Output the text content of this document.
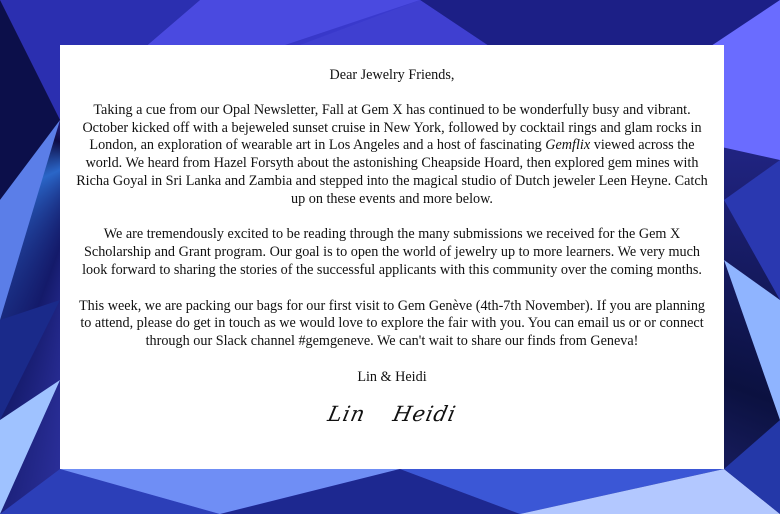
Dear Jewelry Friends,

Taking a cue from our Opal Newsletter, Fall at Gem X has continued to be wonderfully busy and vibrant. October kicked off with a bejeweled sunset cruise in New York, followed by cocktail rings and glam rocks in London, an exploration of wearable art in Los Angeles and a host of fascinating Gemflix viewed across the world. We heard from Hazel Forsyth about the astonishing Cheapside Hoard, then explored gem mines with Richa Goyal in Sri Lanka and Zambia and stepped into the magical studio of Dutch jeweler Leen Heyne. Catch up on these events and more below.

We are tremendously excited to be reading through the many submissions we received for the Gem X Scholarship and Grant program. Our goal is to open the world of jewelry up to more learners. We very much look forward to sharing the stories of the successful applicants with this community over the coming months.

This week, we are packing our bags for our first visit to Gem Genève (4th-7th November). If you are planning to attend, please do get in touch as we would love to explore the fair with you. You can email us or or connect through our Slack channel #gemgeneve. We can't wait to share our finds from Geneva!

Lin & Heidi

Lin Heidi
